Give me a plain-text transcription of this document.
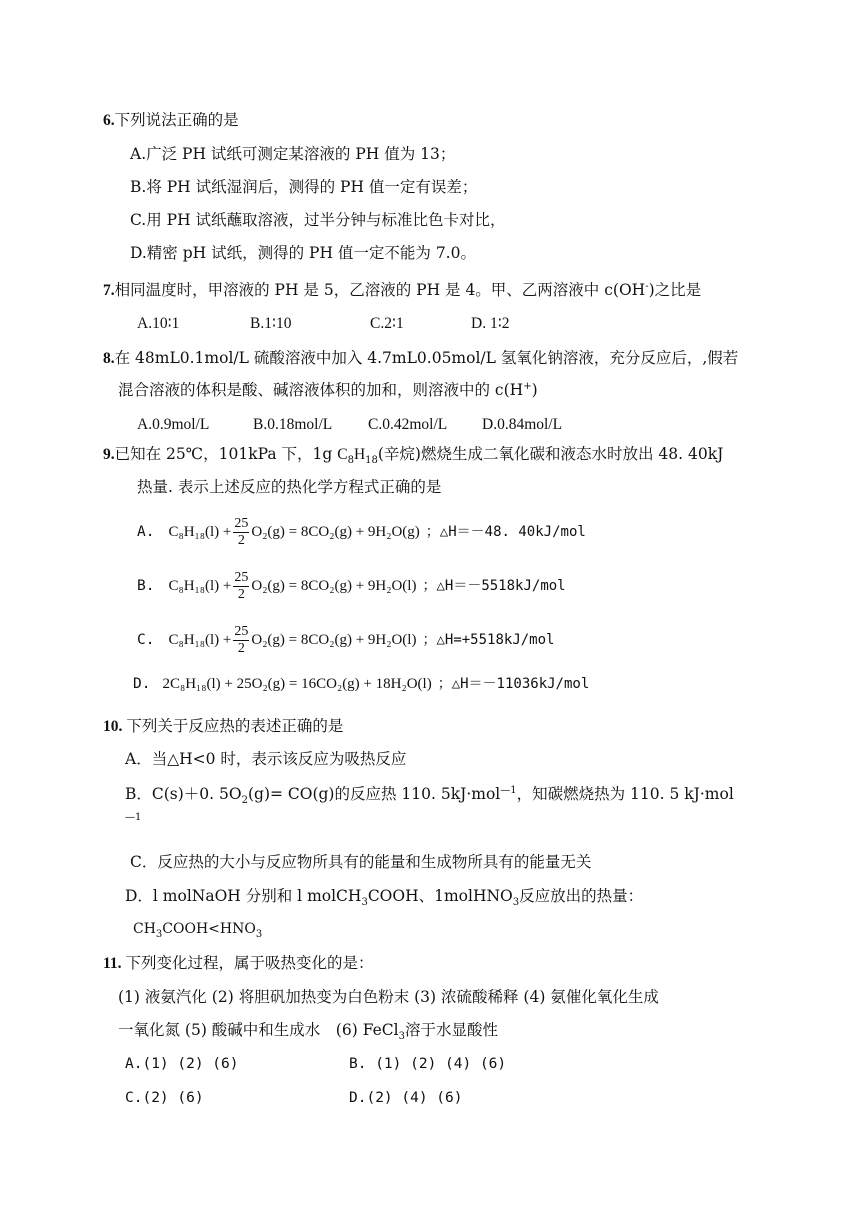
6.下列说法正确的是
A.广泛 PH 试纸可测定某溶液的 PH 值为 13；
B.将 PH 试纸湿润后，测得的 PH 值一定有误差；
C.用 PH 试纸蘸取溶液，过半分钟与标准比色卡对比，
D.精密 pH 试纸，测得的 PH 值一定不能为 7.0。
7.相同温度时，甲溶液的 PH 是 5，乙溶液的 PH 是 4。甲、乙两溶液中 c(OH-)之比是
A.10∶1	B.1∶10	C.2∶1	D. 1∶2
8.在 48mL0.1mol/L 硫酸溶液中加入 4.7mL0.05mol/L 氢氧化钠溶液，充分反应后，,假若
混合溶液的体积是酸、碱溶液体积的加和，则溶液中的 c(H+)
A.0.9mol/L	B.0.18mol/L C.0.42mol/L D.0.84mol/L
9.已知在 25℃，101kPa 下，1g $C_8H_{18}$(辛烷)燃烧生成二氧化碳和液态水时放出 48. 40kJ
热量. 表示上述反应的热化学方程式正确的是
A. $C_8H_{18}(l) + \frac{25}{2} O_2(g) = 8CO_2(g) + 9H_2O(g)$ ；△H＝－48. 40kJ/mol
B. $C_8H_{18}(l) + \frac{25}{2} O_2(g) = 8CO_2(g) + 9H_2O(l)$ ；△H＝－5518kJ/mol
C. $C_8H_{18}(l) + \frac{25}{2} O_2(g) = 8CO_2(g) + 9H_2O(l)$ ；△H=+5518kJ/mol
D. 2C₈H₁₈(l) + 25O₂(g) = 16CO₂(g) + 18H₂O(l) ；△H＝－11036kJ/mol
10. 下列关于反应热的表述正确的是
A．当△H<0 时，表示该反应为吸热反应
B．C(s)＋0. $5O_2(g)= CO(g)$的反应热 110. 5kJ·mol$^{—1}$，知碳燃烧热为 110. 5 kJ·mol
—1
C．反应热的大小与反应物所具有的能量和生成物所具有的能量无关
D．l molNaOH 分别和 l molCH$_3$COOH、1molHNO$_3$反应放出的热量：
$CH_3COOH<HNO_3$
11. 下列变化过程，属于吸热变化的是：
(1) 液氨汽化 (2) 将胆矾加热变为白色粉末 (3) 浓硫酸稀释 (4) 氨催化氧化生成
一氧化氮 (5) 酸碱中和生成水　(6) FeCl$_3$溶于水显酸性
A.(1) (2) (6)	B. (1) (2) (4) (6)
C.(2) (6)	D.(2) (4) (6)
